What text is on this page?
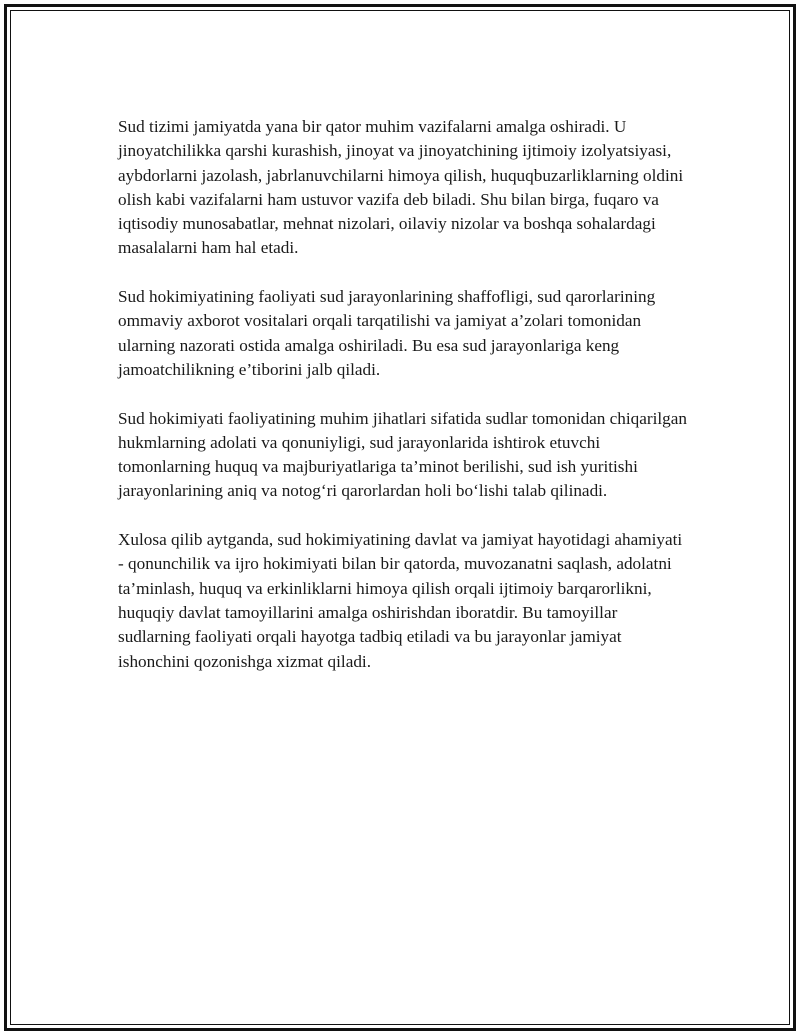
Sud tizimi jamiyatda yana bir qator muhim vazifalarni amalga oshiradi. U jinoyatchilikka qarshi kurashish, jinoyat va jinoyatchining ijtimoiy izolyatsiyasi, aybdorlarni jazolash, jabrlanuvchilarni himoya qilish, huquqbuzarliklarning oldini olish kabi vazifalarni ham ustuvor vazifa deb biladi. Shu bilan birga, fuqaro va iqtisodiy munosabatlar, mehnat nizolari, oilaviy nizolar va boshqa sohalardagi masalalarni ham hal etadi.

Sud hokimiyatining faoliyati sud jarayonlarining shaffofligi, sud qarorlarining ommaviy axborot vositalari orqali tarqatilishi va jamiyat a’zolari tomonidan ularning nazorati ostida amalga oshiriladi. Bu esa sud jarayonlariga keng jamoatchilikning e’tiborini jalb qiladi.

Sud hokimiyati faoliyatining muhim jihatlari sifatida sudlar tomonidan chiqarilgan hukmlarning adolati va qonuniyligi, sud jarayonlarida ishtirok etuvchi tomonlarning huquq va majburiyatlariga ta’minot berilishi, sud ish yuritishi jarayonlarining aniq va notog‘ri qarorlardan holi bo‘lishi talab qilinadi.

Xulosa qilib aytganda, sud hokimiyatining davlat va jamiyat hayotidagi ahamiyati - qonunchilik va ijro hokimiyati bilan bir qatorda, muvozanatni saqlash, adolatni ta’minlash, huquq va erkinliklarni himoya qilish orqali ijtimoiy barqarorlikni, huquqiy davlat tamoyillarini amalga oshirishdan iboratdir. Bu tamoyillar sudlarning faoliyati orqali hayotga tadbiq etiladi va bu jarayonlar jamiyat ishonchini qozonishga xizmat qiladi.
